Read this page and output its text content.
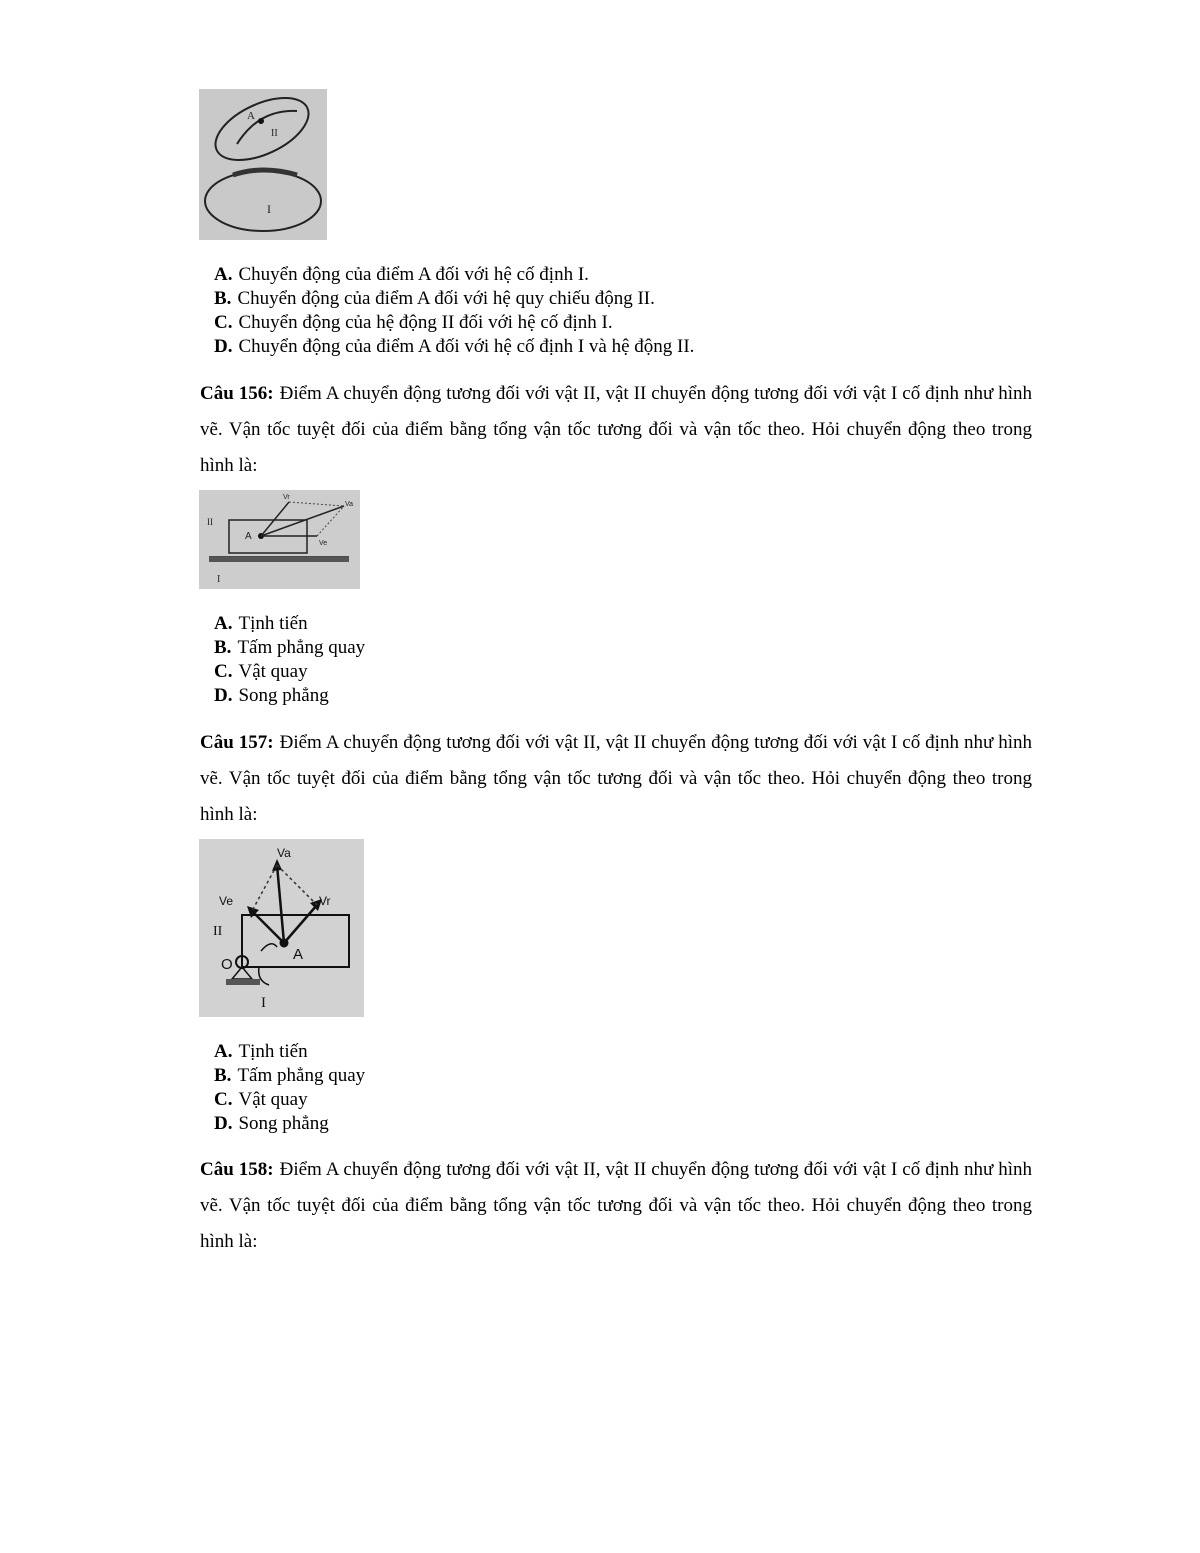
A
II
I
A. Chuyển động của điểm A đối với hệ cố định I.
B. Chuyển động của điểm A đối với hệ quy chiếu động II.
C. Chuyển động của hệ động II đối với hệ cố định I.
D. Chuyển động của điểm A đối với hệ cố định I và hệ động II.

Câu 156: Điểm A chuyển động tương đối với vật II, vật II chuyển động tương đối với vật I cố định như hình vẽ. Vận tốc tuyệt đối của điểm bằng tổng vận tốc tương đối và vận tốc theo. Hỏi chuyển động theo trong hình là:

II
A
I
Vr
Va
Ve
A. Tịnh tiến
B. Tấm phẳng quay
C. Vật quay
D. Song phẳng

Câu 157: Điểm A chuyển động tương đối với vật II, vật II chuyển động tương đối với vật I cố định như hình vẽ. Vận tốc tuyệt đối của điểm bằng tổng vận tốc tương đối và vận tốc theo. Hỏi chuyển động theo trong hình là:

Va
Ve	Vr
II
O
A
I
A. Tịnh tiến
B. Tấm phẳng quay
C. Vật quay
D. Song phẳng

Câu 158: Điểm A chuyển động tương đối với vật II, vật II chuyển động tương đối với vật I cố định như hình vẽ. Vận tốc tuyệt đối của điểm bằng tổng vận tốc tương đối và vận tốc theo. Hỏi chuyển động theo trong hình là:
